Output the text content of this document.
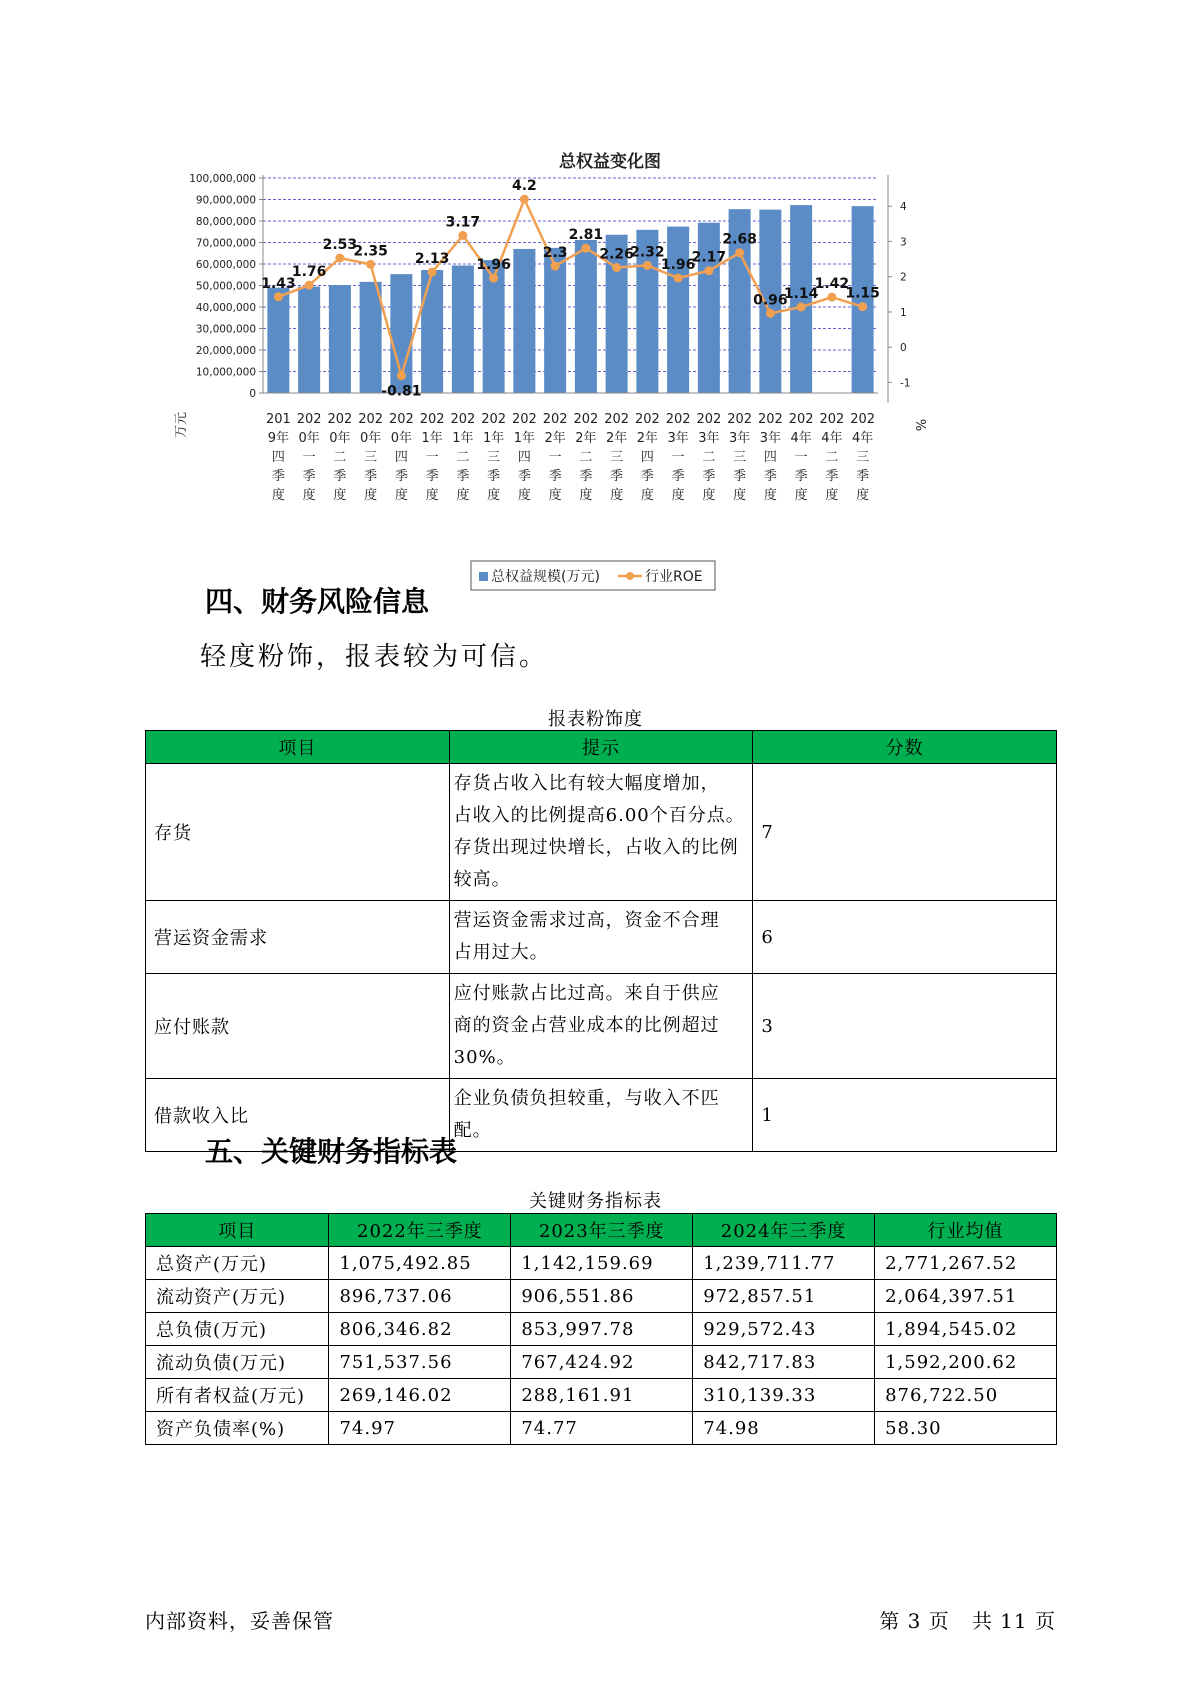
总权益变化图
0
10,000,000
20,000,000
30,000,000
40,000,000
50,000,000
60,000,000
70,000,000
80,000,000
90,000,000
100,000,000
-1
0
1
2
3
4
1.43
1.76
2.53
2.35
-0.81
2.13
3.17
1.96
4.2
2.3
2.81
2.26
2.32
1.96
2.17
2.68
0.96
1.14
1.42
1.15
201 9年四季度
202 0年一季度
202 0年二季度
202 0年三季度
202 0年四季度
202 1年一季度
202 1年二季度
202 1年三季度
202 1年四季度
202 2年一季度
202 2年二季度
202 2年三季度
202 2年四季度
202 3年一季度
202 3年二季度
202 3年三季度
202 3年四季度
202 4年一季度
202 4年二季度
202 4年三季度
万元	%
总权益规模(万元)	行业ROE
四、财务风险信息
轻度粉饰，报表较为可信。
报表粉饰度
项目	提示	分数
存货	存货占收入比有较大幅度增加，
占收入的比例提高6.00个百分点。
存货出现过快增长，占收入的比例
较高。	7
营运资金需求	营运资金需求过高，资金不合理
占用过大。	6
应付账款	应付账款占比过高。来自于供应
商的资金占营业成本的比例超过
30%。	3
借款收入比	企业负债负担较重，与收入不匹
配。	1
五、关键财务指标表
关键财务指标表
项目	2022年三季度	2023年三季度	2024年三季度	行业均值
总资产(万元)	1,075,492.85	1,142,159.69	1,239,711.77	2,771,267.52
流动资产(万元)	896,737.06	906,551.86	972,857.51	2,064,397.51
总负债(万元)	806,346.82	853,997.78	929,572.43	1,894,545.02
流动负债(万元)	751,537.56	767,424.92	842,717.83	1,592,200.62
所有者权益(万元)	269,146.02	288,161.91	310,139.33	876,722.50
资产负债率(%)	74.97	74.77	74.98	58.30
内部资料，妥善保管	第 3 页   共 11 页
